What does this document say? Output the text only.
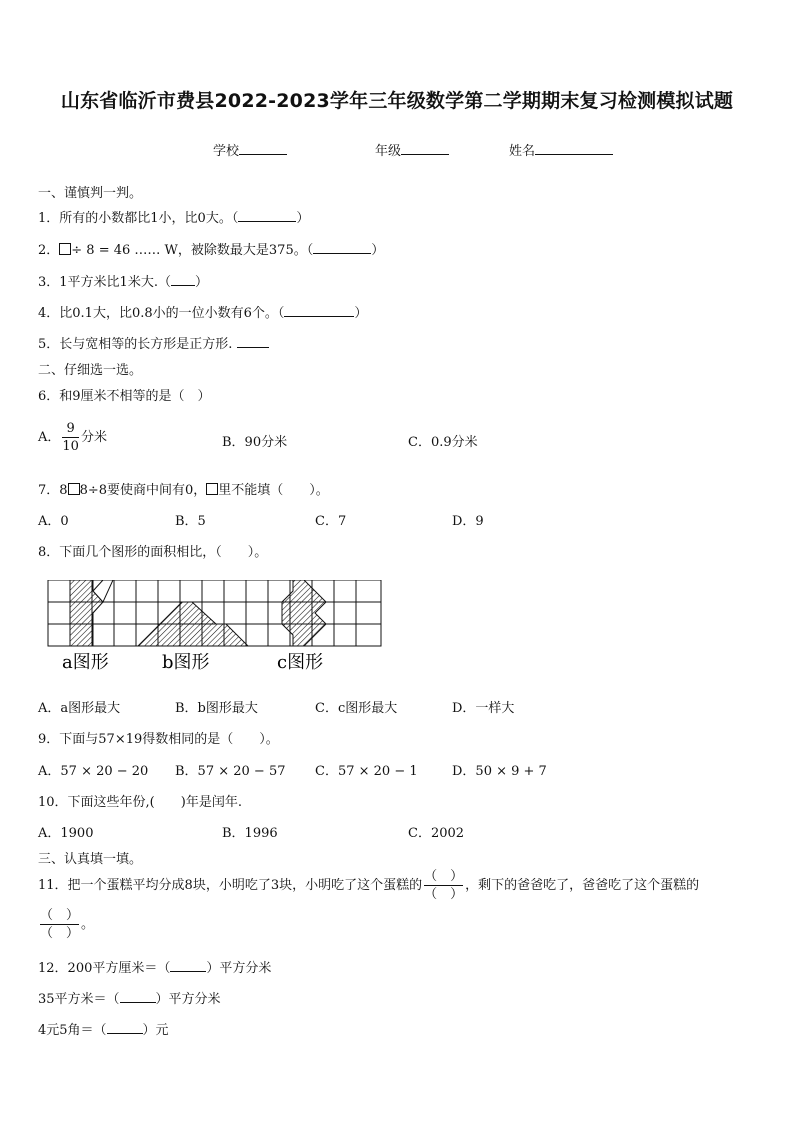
山东省临沂市费县2022-2023学年三年级数学第二学期期末复习检测模拟试题
学校	年级	姓名
一、谨慎判一判。
1．所有的小数都比1小，比0大。（	）
2． ÷ 8 = 46 …… W，被除数最大是375。（	）
3．1平方米比1米大.（ ）
4．比0.1大，比0.8小的一位小数有6个。（	）
5．长与宽相等的长方形是正方形.
二、仔细选一选。
6．和9厘米不相等的是（　）
A． $\frac{9}{10}$ 分米	B．90分米	C．0.9分米
7．8 8÷8要使商中间有0， 里不能填（　　）。
A．0	B．5	C．7	D．9
8．下面几个图形的面积相比，（　　）。
a图形	b图形	c图形
A．a图形最大	B．b图形最大	C．c图形最大	D．一样大
9．下面与57×19得数相同的是（　　）。
A．57 × 20 − 20 B．57 × 20 − 57 C．57 × 20 − 1	D．50 × 9 + 7
10．下面这些年份,(　　)年是闰年.
A．1900	B．1996	C．2002
三、认真填一填。
11．把一个蛋糕平均分成8块，小明吃了3块，小明吃了这个蛋糕的 $\frac{( )}{( )}$ ，剩下的爸爸吃了，爸爸吃了这个蛋糕的
$\frac{( )}{( )}$ 。
12．200平方厘米＝（	）平方分米
35平方米＝（	）平方分米
4元5角＝（	）元
